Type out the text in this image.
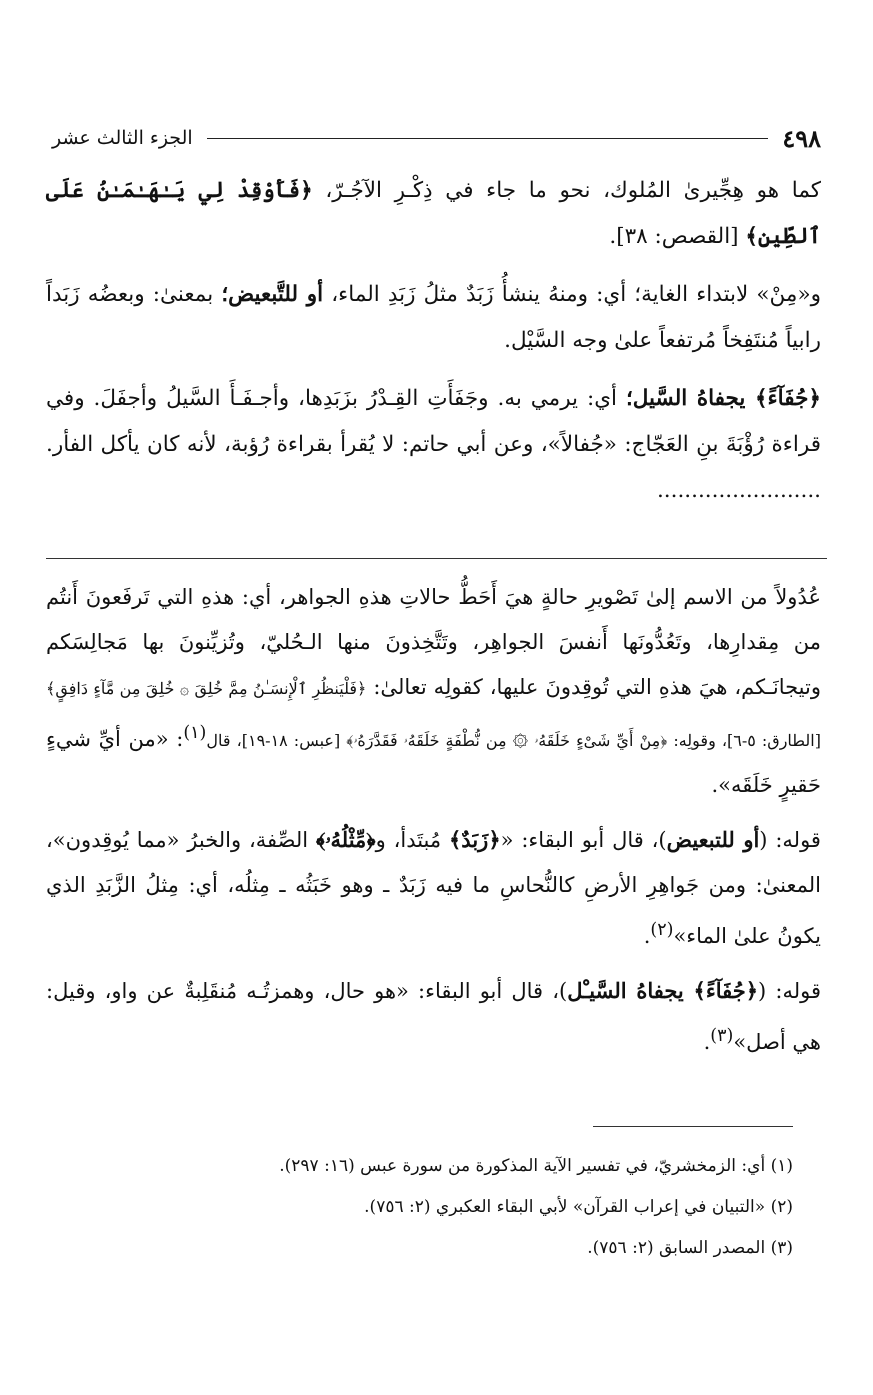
٤٩٨
الجزء الثالث عشر

كما هو هِجِّيرىٰ المُلوك، نحو ما جاء في ذِكْـرِ الآجُـرّ، ﴿فَأَوْقِدْ لِي يَـٰهَـٰمَـٰنُ عَلَى ٱلطِّينِ﴾ [القصص: ٣٨].

و«مِنْ» لابتداء الغاية؛ أي: ومنهُ ينشأُ زَبَدٌ مثلُ زَبَدِ الماء، أو للتَّبعيض؛ بمعنىٰ: وبعضُه زَبَداً رابياً مُنتَفِخاً مُرتفعاً علىٰ وجه السَّيْل.

﴿جُفَآءً﴾ يجفاهُ السَّيل؛ أي: يرمي به. وجَفَأَتِ القِـدْرُ بزَبَدِها، وأجـفَـأَ السَّيلُ وأجفَلَ. وفي قراءة رُؤْبَةَ بنِ العَجّاج: «جُفالاً»، وعن أبي حاتم: لا يُقرأ بقراءة رُؤبة، لأنه كان يأكل الفأر. ........................

عُدُولاً من الاسم إلىٰ تَصْويرِ حالةٍ هيَ أَحَطُّ حالاتِ هذهِ الجواهر، أي: هذهِ التي تَرفَعونَ أَنتُم من مِقدارِها، وتَعُدُّونَها أَنفسَ الجواهِر، وتَتَّخِذونَ منها الـحُليّ، وتُزيِّنونَ بها مَجالِسَكم وتيجانَـكم، هيَ هذهِ التي تُوقِدونَ عليها، كقولِه تعالىٰ: ﴿فَلْيَنظُرِ ٱلْإِنسَـٰنُ مِمَّ خُلِقَ ۞ خُلِقَ مِن مَّآءٍ دَافِقٍ﴾ [الطارق: ٥-٦]، وقولِه: ﴿مِنْ أَيِّ شَىْءٍ خَلَقَهُۥ ۞ مِن نُّطْفَةٍ خَلَقَهُۥ فَقَدَّرَهُۥ﴾ [عبس: ١٨-١٩]، قال$^{(١)}$: «من أيِّ شيءٍ حَقيرٍ خَلَقَه».

قوله: (أو للتبعيض)، قال أبو البقاء: «﴿زَبَدٌ﴾ مُبتَدأ، و﴿مِّثْلُهُۥ﴾ الصِّفة، والخبرُ «مما يُوقِدون»، المعنىٰ: ومن جَواهِرِ الأرضِ كالنُّحاسِ ما فيه زَبَدٌ ـ وهو خَبَثُه ـ مِثلُه، أي: مِثلُ الزَّبَدِ الذي يكونُ علىٰ الماء»$^{(٢)}$.

قوله: (﴿جُفَآءً﴾ يجفاهُ السَّيـْل)، قال أبو البقاء: «هو حال، وهمزتُـه مُنقَلِبةٌ عن واو، وقيل: هي أصل»$^{(٣)}$.

(١) أي: الزمخشريّ، في تفسير الآية المذكورة من سورة عبس (١٦: ٢٩٧).
(٢) «التبيان في إعراب القرآن» لأبي البقاء العكبري (٢: ٧٥٦).
(٣) المصدر السابق (٢: ٧٥٦).
